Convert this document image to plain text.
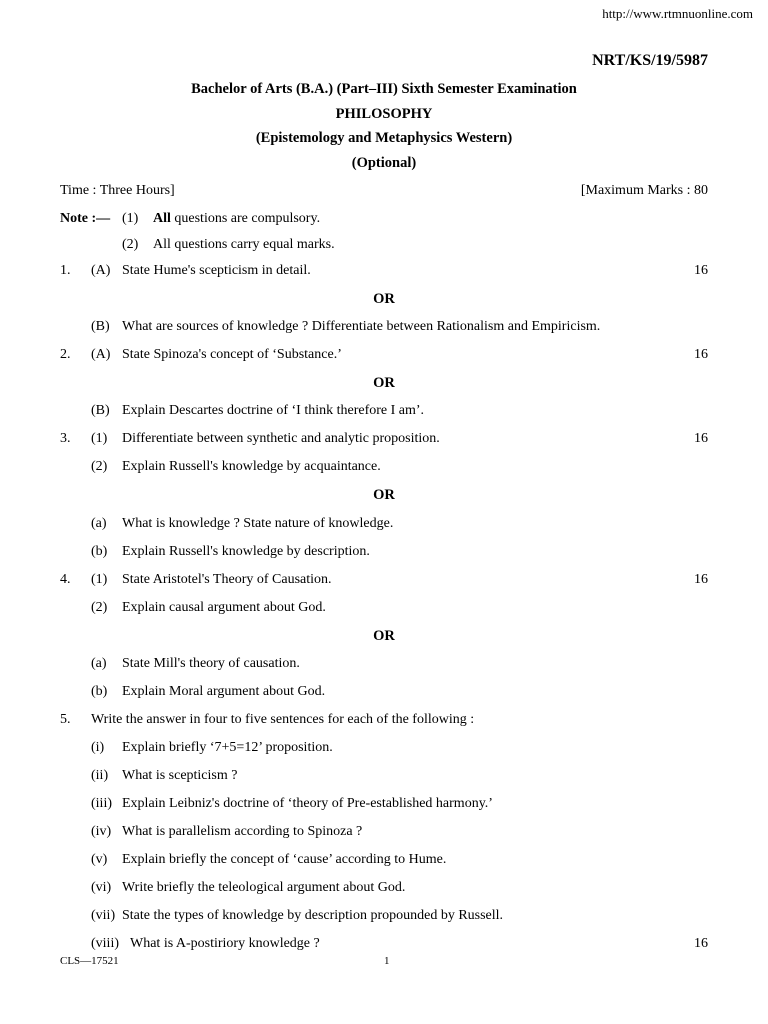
http://www.rtmnuonline.com
NRT/KS/19/5987
Bachelor of Arts (B.A.) (Part–III) Sixth Semester Examination
PHILOSOPHY
(Epistemology and Metaphysics Western)
(Optional)
Time : Three Hours]	[Maximum Marks : 80
Note :— (1) All questions are compulsory.
(2) All questions carry equal marks.
1. (A) State Hume's scepticism in detail.	16
OR
(B) What are sources of knowledge ? Differentiate between Rationalism and Empiricism.
2. (A) State Spinoza's concept of ‘Substance.’	16
OR
(B) Explain Descartes doctrine of ‘I think therefore I am’.
3. (1) Differentiate between synthetic and analytic proposition.	16
(2) Explain Russell's knowledge by acquaintance.
OR
(a) What is knowledge ? State nature of knowledge.
(b) Explain Russell's knowledge by description.
4. (1) State Aristotel's Theory of Causation.	16
(2) Explain causal argument about God.
OR
(a) State Mill's theory of causation.
(b) Explain Moral argument about God.
5. Write the answer in four to five sentences for each of the following :
(i) Explain briefly ‘7+5=12’ proposition.
(ii) What is scepticism ?
(iii) Explain Leibniz's doctrine of ‘theory of Pre-established harmony.’
(iv) What is parallelism according to Spinoza ?
(v) Explain briefly the concept of ‘cause’ according to Hume.
(vi) Write briefly the teleological argument about God.
(vii) State the types of knowledge by description propounded by Russell.
(viii) What is A-postiriory knowledge ?	16
CLS—17521	1
